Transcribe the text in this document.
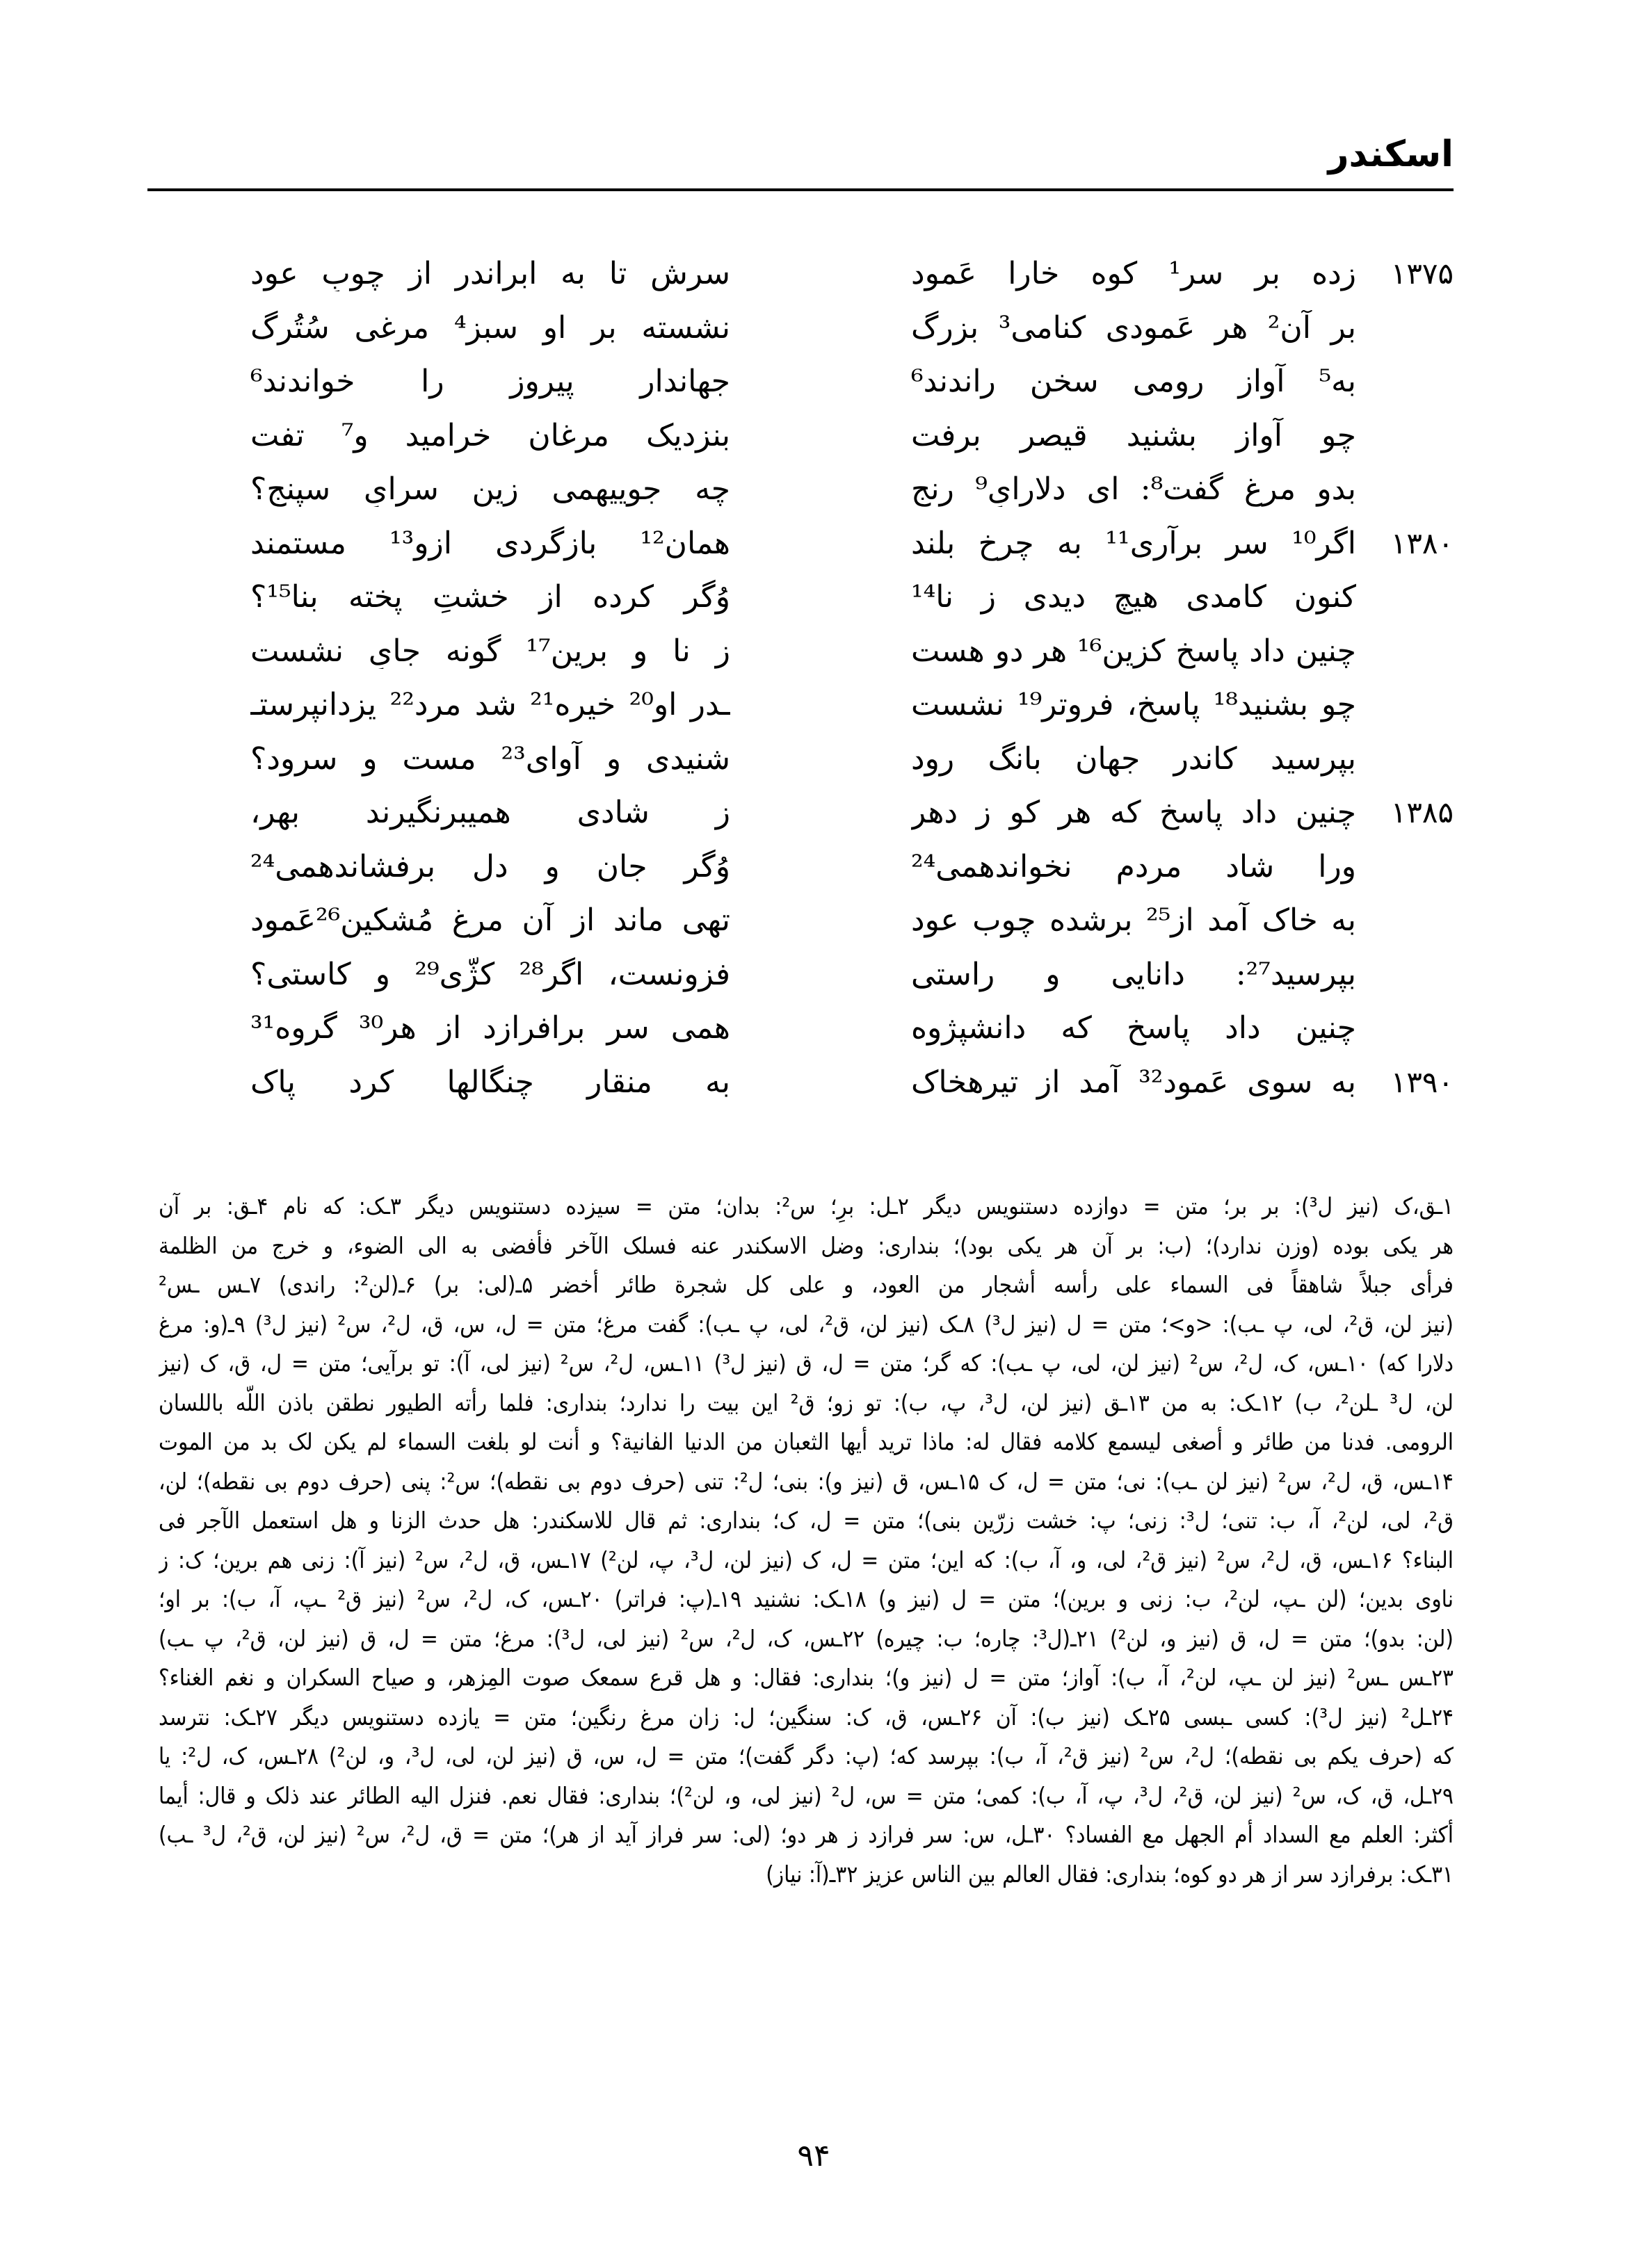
اسکندر
۱۳۷۵
زده بر سرِ¹ کوه خارا عَمود
سرش تا به ابراندر از چوبِ عود
بر آن² هر عَمودی کنامی³ بزرگ
نشسته بر او سبز⁴ مرغی سُتُرگ
به⁵ آوازِ رومی سخن راندند⁶
جهاندار پیروز را خواندند⁶
چو آواز بشنید قیصر برفت
بنزدیک مرغان خرامید و⁷ تفت
بدو مرغ گفت⁸: ای دلارایِ⁹ رنج
چه جوییهمی زین سرایِ سپنج؟
۱۳۸۰
اگر¹⁰ سر برآری¹¹ به چرخ بلند
همان¹² بازگردی ازو¹³ مستمند
کنون کامدی هیچ دیدی ز نا¹⁴
وُگر کرده از خشتِ پخته بنا¹⁵؟
چنین داد پاسخ کزین¹⁶ هر دو هست
ز نا و برین¹⁷ گونه جایِ نشست
چو بشنید¹⁸ پاسخ، فروتر¹⁹ نشست
ـدر او²⁰ خیره²¹ شد مرد²² یزدانپرستـ
بپرسید کاندر جهان بانگ رود
شنیدی و آوای²³ مست و سرود؟
۱۳۸۵
چنین داد پاسخ که هر کو ز دهر
ز شادی همیبرنگیرند بهر،
ورا شاد مردم نخواندهمی²⁴
وُگر جان و دل برفشاندهمی²⁴
به خاک آمد از²⁵ برشده چوب عود
تهی ماند از آن مرغ مُشکین²⁶عَمود
بپرسید²⁷: دانایی و راستی
فزونست، اگر²⁸ کژّی²⁹ و کاستی؟
چنین داد پاسخ که دانشپژوه
همی سر برافرازد از هر³⁰ گروه³¹
۱۳۹۰
به سوی عَمود³² آمد از تیرهخاک
به منقار چنگالها کرد پاک
۱ـق،ک (نیز ل³): بر بر؛ متن = دوازده دستنویس دیگر ۲ـل: برِ؛ س²: بدان؛ متن = سیزده دستنویس دیگر ۳ـک: که نام ۴ـق: بر آن
هر یکی بوده (وزن ندارد)؛ (ب: بر آن هر یکی بود)؛ بنداری: وضل الاسکندر عنه فسلک الآخر فأفضی به الی الضوء، و خرج من الظلمة
فرأی جبلاً شاهقاً فی السماء علی رأسه أشجار من العود، و علی کل شجرة طائر أخضر ۵ـ(لی: بر) ۶ـ(لن²: راندی) ۷ـس ـس²
(نیز لن، ق²، لی، پ ـب): <و>؛ متن = ل (نیز ل³) ۸ـک (نیز لن، ق²، لی، پ ـب): گفت مرغ؛ متن = ل، س، ق، ل²، س² (نیز ل³) ۹ـ(و: مرغ
دلارا که) ۱۰ـس، ک، ل²، س² (نیز لن، لی، پ ـب): که گر؛ متن = ل، ق (نیز ل³) ۱۱ـس، ل²، س² (نیز لی، آ): تو برآیی؛ متن = ل، ق، ک (نیز
لن، ل³ ـلن²، ب) ۱۲ـک: به من ۱۳ـق (نیز لن، ل³، پ، ب): تو زو؛ ق² این بیت را ندارد؛ بنداری: فلما رأته الطیور نطقن باذن اللّه باللسان
الرومی. فدنا من طائر و أصغی لیسمع کلامه فقال له: ماذا ترید أیها الثعبان من الدنیا الفانیة؟ و أنت لو بلغت السماء لم یکن لک بد من الموت
۱۴ـس، ق، ل²، س² (نیز لن ـب): نی؛ متن = ل، ک ۱۵ـس، ق (نیز و): بنی؛ ل²: تنی (حرف دوم بی نقطه)؛ س²: پنی (حرف دوم بی نقطه)؛ لن،
ق²، لی، لن²، آ، ب: تنی؛ ل³: زنی؛ پ: خشت زرّین بنی)؛ متن = ل، ک؛ بنداری: ثم قال للاسکندر: هل حدث الزنا و هل استعمل الآجر فی
البناء؟ ۱۶ـس، ق، ل²، س² (نیز ق²، لی، و، آ، ب): که این؛ متن = ل، ک (نیز لن، ل³، پ، لن²) ۱۷ـس، ق، ل²، س² (نیز آ): زنی هم برین؛ ک: ز
ناوی بدین؛ (لن ـپ، لن²، ب: زنی و برین)؛ متن = ل (نیز و) ۱۸ـک: نشنید ۱۹ـ(پ: فراتر) ۲۰ـس، ک، ل²، س² (نیز ق² ـپ، آ، ب): بر او؛
(لن: بدو)؛ متن = ل، ق (نیز و، لن²) ۲۱ـ(ل³: چاره؛ ب: چیره) ۲۲ـس، ک، ل²، س² (نیز لی، ل³): مرغ؛ متن = ل، ق (نیز لن، ق²، پ ـب)
۲۳ـس ـس² (نیز لن ـپ، لن²، آ، ب): آواز؛ متن = ل (نیز و)؛ بنداری: فقال: و هل قرع سمعک صوت المِزهر، و صیاح السکران و نغم الغناء؟
۲۴ـل² (نیز ل³): کسی ـبسی ۲۵ـک (نیز ب): آن ۲۶ـس، ق، ک: سنگین؛ ل: زان مرغ رنگین؛ متن = یازده دستنویس دیگر ۲۷ـک: نترسد
که (حرف یکم بی نقطه)؛ ل²، س² (نیز ق²، آ، ب): بپرسد که؛ (پ: دگر گفت)؛ متن = ل، س، ق (نیز لن، لی، ل³، و، لن²) ۲۸ـس، ک، ل²: یا
۲۹ـل، ق، ک، س² (نیز لن، ق²، ل³، پ، آ، ب): کمی؛ متن = س، ل² (نیز لی، و، لن²)؛ بنداری: فقال نعم. فنزل الیه الطائر عند ذلک و قال: أیما
أکثر: العلم مع السداد أم الجهل مع الفساد؟ ۳۰ـل، س: سر فرازد ز هر دو؛ (لی: سر فراز آید از هر)؛ متن = ق، ل²، س² (نیز لن، ق²، ل³ ـب)
۳۱ـک: برفرازد سر از هر دو کوه؛ بنداری: فقال العالم بین الناس عزیز ۳۲ـ(آ: نیاز)
۹۴
